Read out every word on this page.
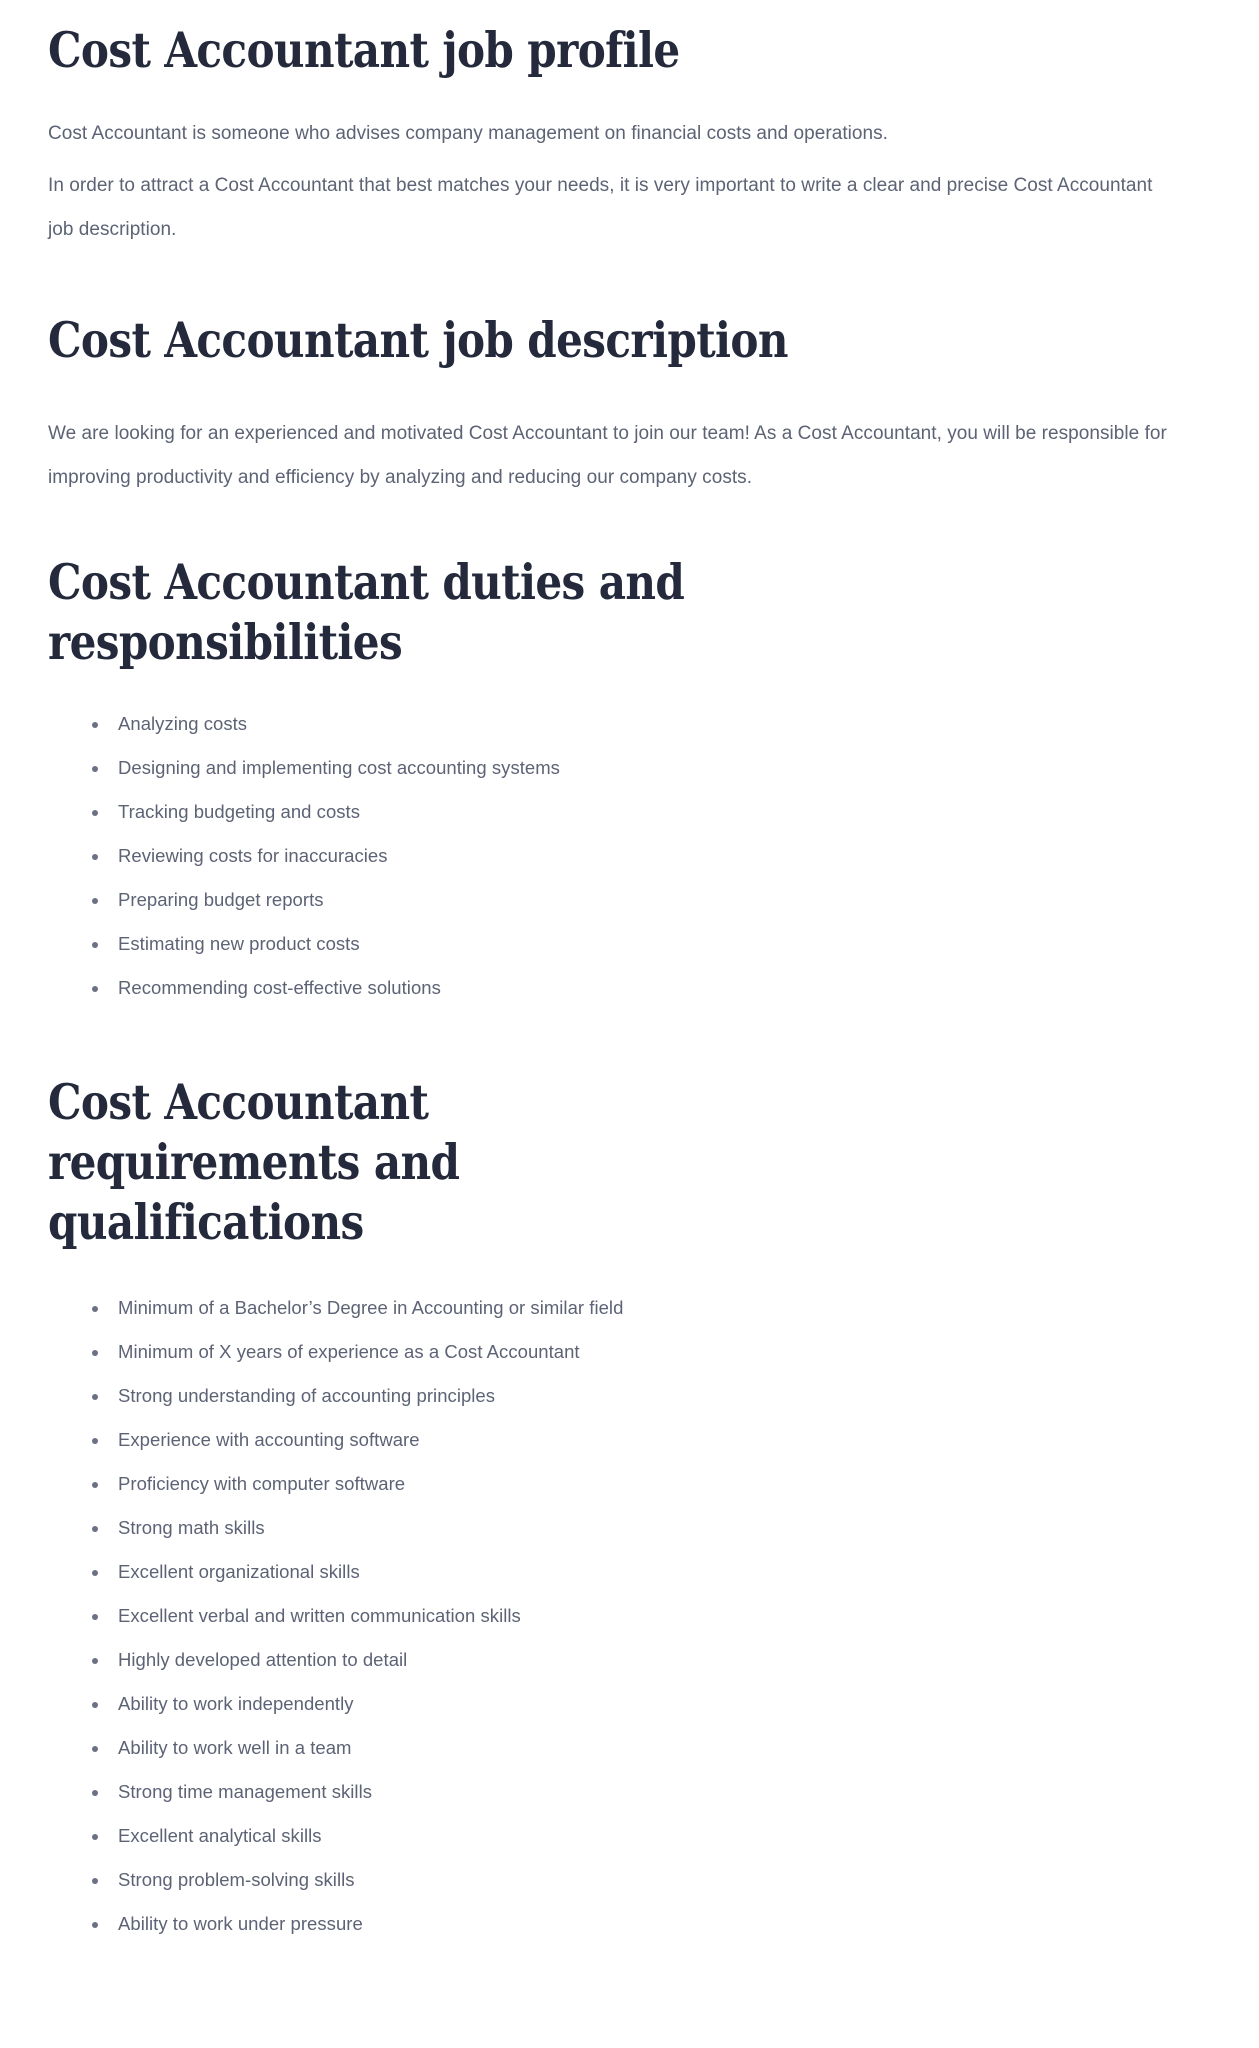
Cost Accountant job profile

Cost Accountant is someone who advises company management on financial costs and operations.

In order to attract a Cost Accountant that best matches your needs, it is very important to write a clear and precise Cost Accountant job description.

Cost Accountant job description

We are looking for an experienced and motivated Cost Accountant to join our team! As a Cost Accountant, you will be responsible for improving productivity and efficiency by analyzing and reducing our company costs.

Cost Accountant duties and responsibilities
Analyzing costs
Designing and implementing cost accounting systems
Tracking budgeting and costs
Reviewing costs for inaccuracies
Preparing budget reports
Estimating new product costs
Recommending cost-effective solutions
Cost Accountant requirements and qualifications
Minimum of a Bachelor’s Degree in Accounting or similar field
Minimum of X years of experience as a Cost Accountant
Strong understanding of accounting principles
Experience with accounting software
Proficiency with computer software
Strong math skills
Excellent organizational skills
Excellent verbal and written communication skills
Highly developed attention to detail
Ability to work independently
Ability to work well in a team
Strong time management skills
Excellent analytical skills
Strong problem-solving skills
Ability to work under pressure
